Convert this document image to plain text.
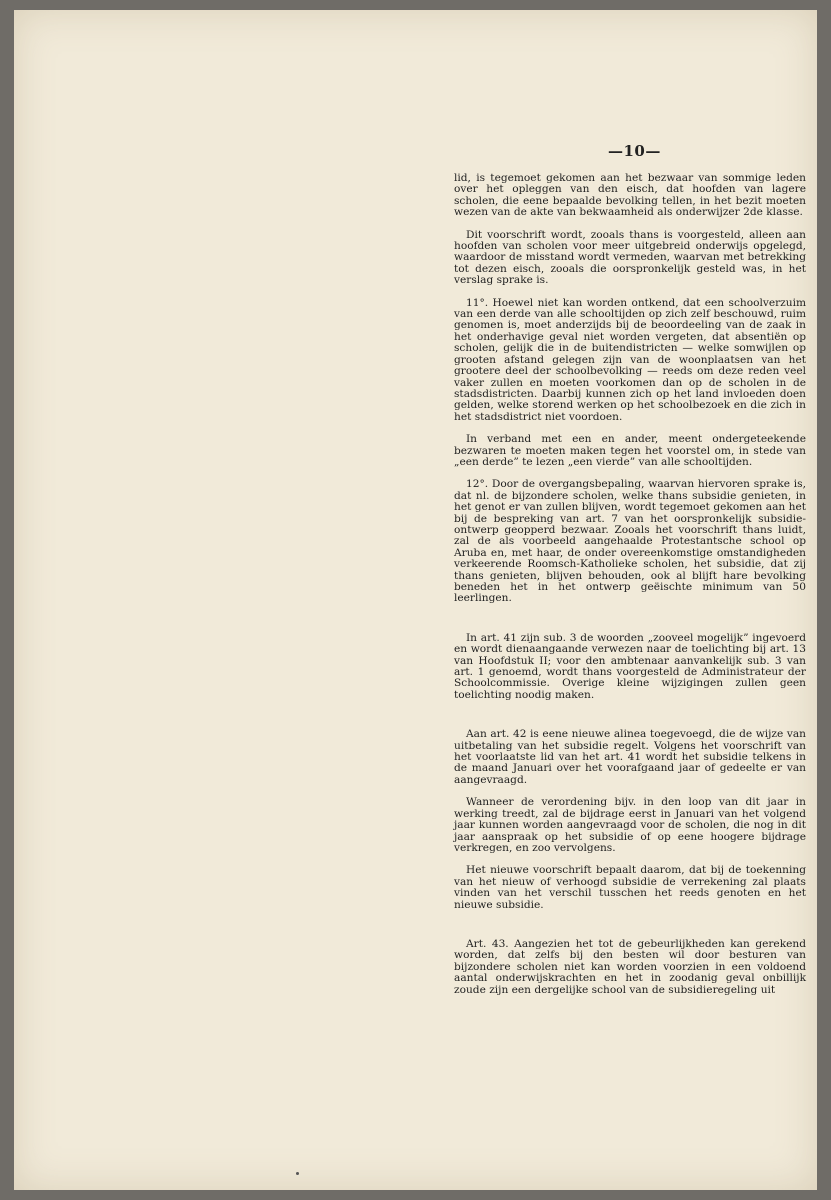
—10—

lid, is tegemoet gekomen aan het bezwaar van sommige leden over het opleggen van den eisch, dat hoofden van lagere scholen, die eene bepaalde bevolking tellen, in het bezit moeten wezen van de akte van bekwaamheid als onderwijzer 2de klasse.

Dit voorschrift wordt, zooals thans is voorgesteld, alleen aan hoofden van scholen voor meer uitgebreid onderwijs opgelegd, waardoor de misstand wordt vermeden, waarvan met betrekking tot dezen eisch, zooals die oorspronkelijk gesteld was, in het verslag sprake is.

11°. Hoewel niet kan worden ontkend, dat een schoolverzuim van een derde van alle schooltijden op zich zelf beschouwd, ruim genomen is, moet anderzijds bij de beoordeeling van de zaak in het onderhavige geval niet worden vergeten, dat absentiën op scholen, gelijk die in de buitendistricten — welke somwijlen op grooten afstand gelegen zijn van de woonplaatsen van het grootere deel der schoolbevolking — reeds om deze reden veel vaker zullen en moeten voorkomen dan op de scholen in de stadsdistricten. Daarbij kunnen zich op het land invloeden doen gelden, welke storend werken op het schoolbezoek en die zich in het stadsdistrict niet voordoen.

In verband met een en ander, meent ondergeteekende bezwaren te moeten maken tegen het voorstel om, in stede van „een derde” te lezen „een vierde” van alle schooltijden.

12°. Door de overgangsbepaling, waarvan hiervoren sprake is, dat nl. de bijzondere scholen, welke thans subsidie genieten, in het genot er van zullen blijven, wordt tegemoet gekomen aan het bij de bespreking van art. 7 van het oorspronkelijk subsidie-ontwerp geopperd bezwaar. Zooals het voorschrift thans luidt, zal de als voorbeeld aangehaalde Protestantsche school op Aruba en, met haar, de onder overeenkomstige omstandigheden verkeerende Roomsch-Katholieke scholen, het subsidie, dat zij thans genieten, blijven behouden, ook al blijft hare bevolking beneden het in het ontwerp geëischte minimum van 50 leerlingen.

In art. 41 zijn sub. 3 de woorden „zooveel mogelijk” ingevoerd en wordt dienaangaande verwezen naar de toelichting bij art. 13 van Hoofdstuk II; voor den ambtenaar aanvankelijk sub. 3 van art. 1 genoemd, wordt thans voorgesteld de Administrateur der Schoolcommissie. Overige kleine wijzigingen zullen geen toelichting noodig maken.

Aan art. 42 is eene nieuwe alinea toegevoegd, die de wijze van uitbetaling van het subsidie regelt. Volgens het voorschrift van het voorlaatste lid van het art. 41 wordt het subsidie telkens in de maand Januari over het voorafgaand jaar of gedeelte er van aangevraagd.

Wanneer de verordening bijv. in den loop van dit jaar in werking treedt, zal de bijdrage eerst in Januari van het volgend jaar kunnen worden aangevraagd voor de scholen, die nog in dit jaar aanspraak op het subsidie of op eene hoogere bijdrage verkregen, en zoo vervolgens.

Het nieuwe voorschrift bepaalt daarom, dat bij de toekenning van het nieuw of verhoogd subsidie de verrekening zal plaats vinden van het verschil tusschen het reeds genoten en het nieuwe subsidie.

Art. 43. Aangezien het tot de gebeurlijkheden kan gerekend worden, dat zelfs bij den besten wil door besturen van bijzondere scholen niet kan worden voorzien in een voldoend aantal onderwijskrachten en het in zoodanig geval onbillijk zoude zijn een dergelijke school van de subsidieregeling uit
